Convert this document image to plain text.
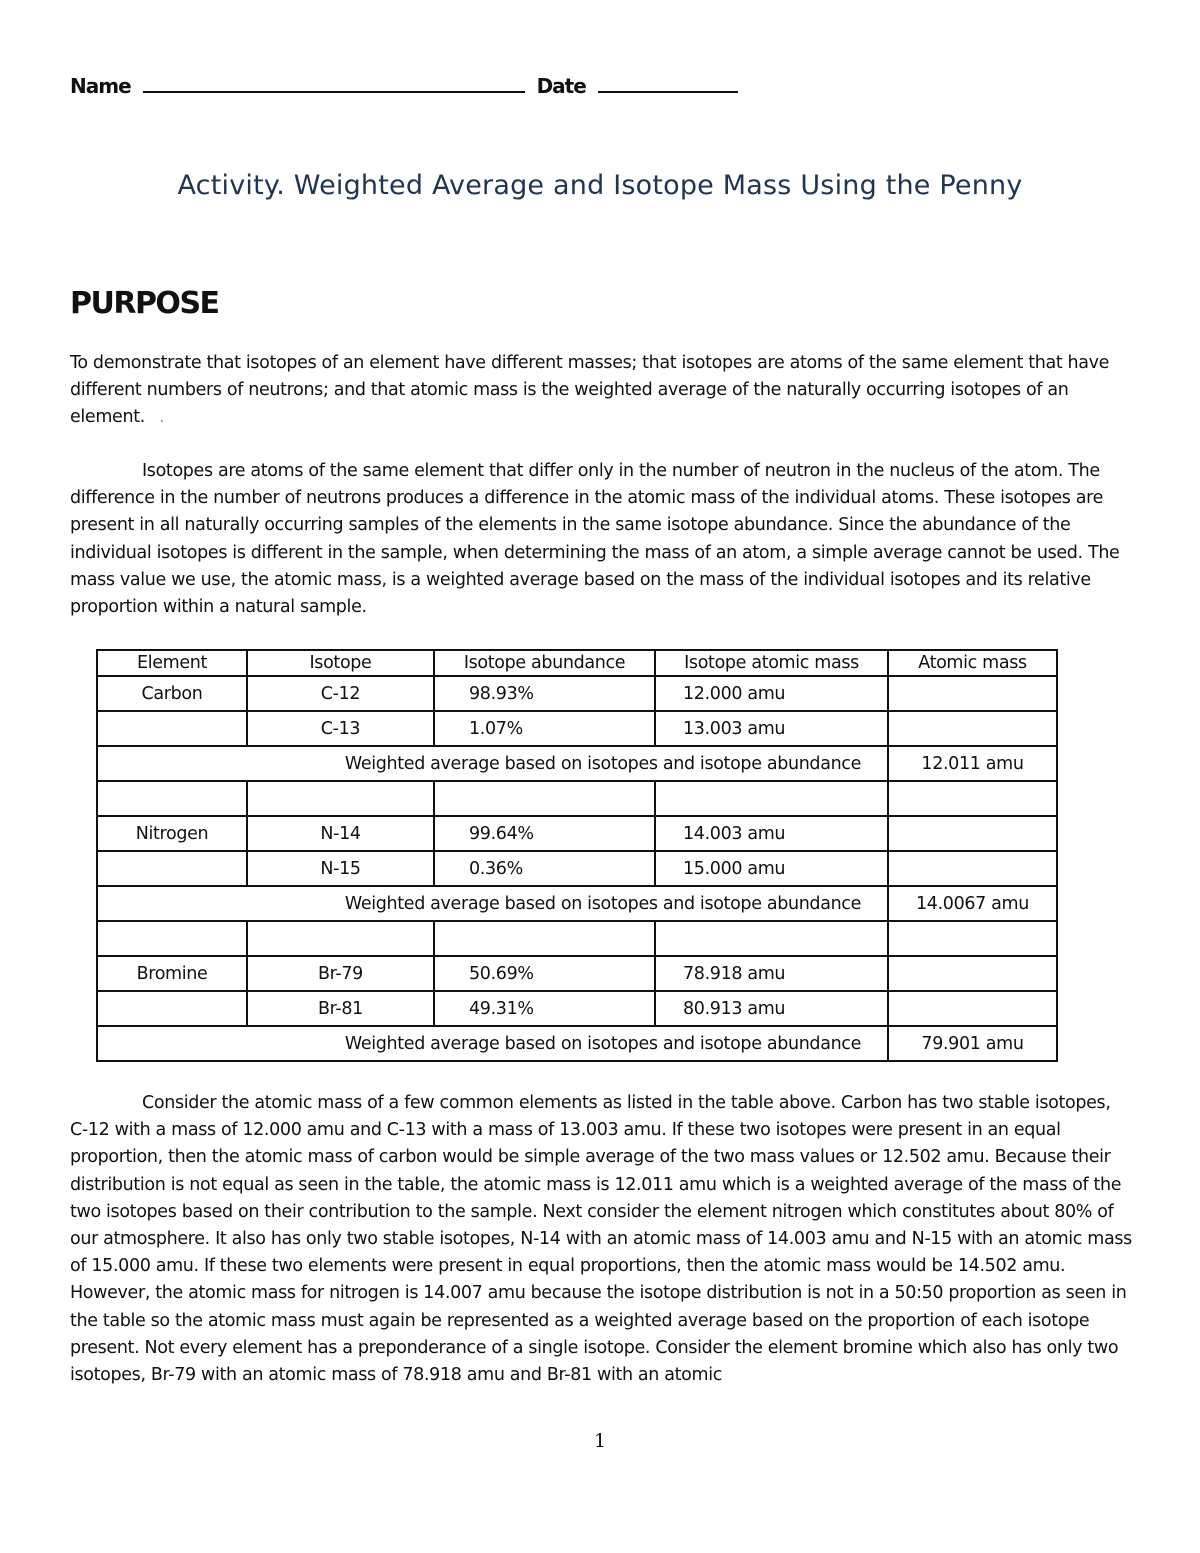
Name	Date
Activity. Weighted Average and Isotope Mass Using the Penny
PURPOSE
To demonstrate that isotopes of an element have different masses; that isotopes are atoms of the same element that have different numbers of neutrons; and that atomic mass is the weighted average of the naturally occurring isotopes of an element. .
Isotopes are atoms of the same element that differ only in the number of neutron in the nucleus of the atom. The difference in the number of neutrons produces a difference in the atomic mass of the individual atoms. These isotopes are present in all naturally occurring samples of the elements in the same isotope abundance. Since the abundance of the individual isotopes is different in the sample, when determining the mass of an atom, a simple average cannot be used. The mass value we use, the atomic mass, is a weighted average based on the mass of the individual isotopes and its relative proportion within a natural sample.
Element	Isotope	Isotope abundance	Isotope atomic mass	Atomic mass
Carbon	C-12	98.93%	12.000 amu	
	C-13	1.07%	13.003 amu	
Weighted average based on isotopes and isotope abundance				12.011 amu

Nitrogen	N-14	99.64%	14.003 amu	
	N-15	0.36%	15.000 amu	
Weighted average based on isotopes and isotope abundance				14.0067 amu

Bromine	Br-79	50.69%	78.918 amu	
	Br-81	49.31%	80.913 amu	
Weighted average based on isotopes and isotope abundance				79.901 amu
Consider the atomic mass of a few common elements as listed in the table above. Carbon has two stable isotopes, C-12 with a mass of 12.000 amu and C-13 with a mass of 13.003 amu. If these two isotopes were present in an equal proportion, then the atomic mass of carbon would be simple average of the two mass values or 12.502 amu. Because their distribution is not equal as seen in the table, the atomic mass is 12.011 amu which is a weighted average of the mass of the two isotopes based on their contribution to the sample. Next consider the element nitrogen which constitutes about 80% of our atmosphere. It also has only two stable isotopes, N-14 with an atomic mass of 14.003 amu and N-15 with an atomic mass of 15.000 amu. If these two elements were present in equal proportions, then the atomic mass would be 14.502 amu. However, the atomic mass for nitrogen is 14.007 amu because the isotope distribution is not in a 50:50 proportion as seen in the table so the atomic mass must again be represented as a weighted average based on the proportion of each isotope present. Not every element has a preponderance of a single isotope. Consider the element bromine which also has only two isotopes, Br-79 with an atomic mass of 78.918 amu and Br-81 with an atomic
1
